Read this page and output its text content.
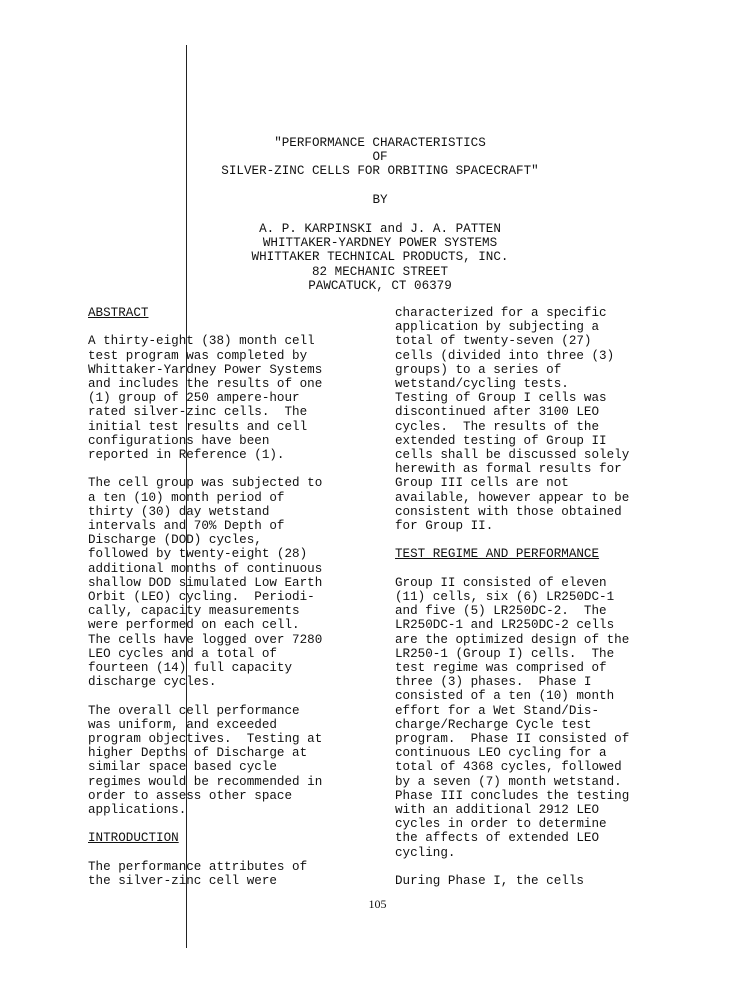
"PERFORMANCE CHARACTERISTICS
OF
SILVER-ZINC CELLS FOR ORBITING SPACECRAFT"
BY
A. P. KARPINSKI and J. A. PATTEN
WHITTAKER-YARDNEY POWER SYSTEMS
WHITTAKER TECHNICAL PRODUCTS, INC.
82 MECHANIC STREET
PAWCATUCK, CT 06379
ABSTRACT
A thirty-eight (38) month cell
test program was completed by
Whittaker-Yardney Power Systems
and includes the results of one
(1) group of 250 ampere-hour
rated silver-zinc cells.  The
initial test results and cell
configurations have been
reported in Reference (1).
The cell group was subjected to
a ten (10) month period of
thirty (30) day wetstand
intervals and 70% Depth of
Discharge (DOD) cycles,
followed by twenty-eight (28)
additional months of continuous
shallow DOD simulated Low Earth
Orbit (LEO) cycling.  Periodi-
cally, capacity measurements
were performed on each cell.
The cells have logged over 7280
LEO cycles and a total of
fourteen (14) full capacity
discharge cycles.
The overall cell performance
was uniform, and exceeded
program objectives.  Testing at
higher Depths of Discharge at
similar space based cycle
regimes would be recommended in
order to assess other space
applications.
INTRODUCTION
The performance attributes of
the silver-zinc cell were
characterized for a specific
application by subjecting a
total of twenty-seven (27)
cells (divided into three (3)
groups) to a series of
wetstand/cycling tests.
Testing of Group I cells was
discontinued after 3100 LEO
cycles.  The results of the
extended testing of Group II
cells shall be discussed solely
herewith as formal results for
Group III cells are not
available, however appear to be
consistent with those obtained
for Group II.
TEST REGIME AND PERFORMANCE
Group II consisted of eleven
(11) cells, six (6) LR250DC-1
and five (5) LR250DC-2.  The
LR250DC-1 and LR250DC-2 cells
are the optimized design of the
LR250-1 (Group I) cells.  The
test regime was comprised of
three (3) phases.  Phase I
consisted of a ten (10) month
effort for a Wet Stand/Dis-
charge/Recharge Cycle test
program.  Phase II consisted of
continuous LEO cycling for a
total of 4368 cycles, followed
by a seven (7) month wetstand.
Phase III concludes the testing
with an additional 2912 LEO
cycles in order to determine
the affects of extended LEO
cycling.
During Phase I, the cells
105
